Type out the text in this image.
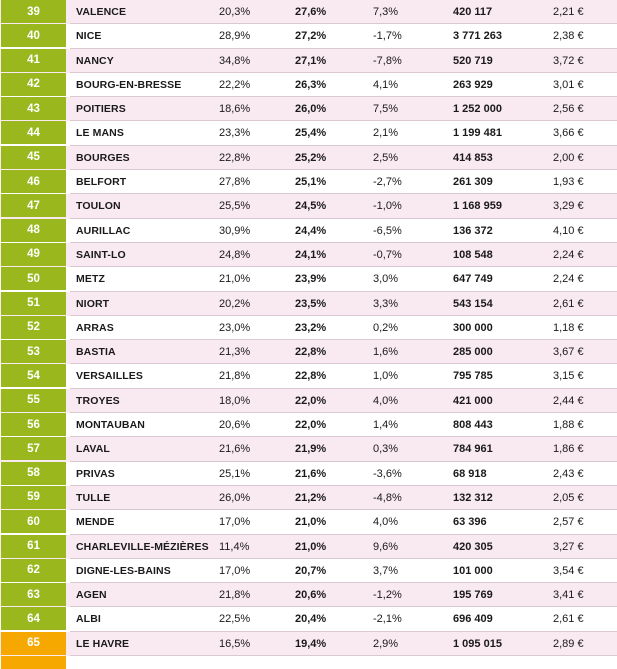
39	VALENCE	20,3%	27,6%	7,3%	420 117	2,21 €
40	NICE	28,9%	27,2%	-1,7%	3 771 263	2,38 €
41	NANCY	34,8%	27,1%	-7,8%	520 719	3,72 €
42	BOURG-EN-BRESSE	22,2%	26,3%	4,1%	263 929	3,01 €
43	POITIERS	18,6%	26,0%	7,5%	1 252 000	2,56 €
44	LE MANS	23,3%	25,4%	2,1%	1 199 481	3,66 €
45	BOURGES	22,8%	25,2%	2,5%	414 853	2,00 €
46	BELFORT	27,8%	25,1%	-2,7%	261 309	1,93 €
47	TOULON	25,5%	24,5%	-1,0%	1 168 959	3,29 €
48	AURILLAC	30,9%	24,4%	-6,5%	136 372	4,10 €
49	SAINT-LO	24,8%	24,1%	-0,7%	108 548	2,24 €
50	METZ	21,0%	23,9%	3,0%	647 749	2,24 €
51	NIORT	20,2%	23,5%	3,3%	543 154	2,61 €
52	ARRAS	23,0%	23,2%	0,2%	300 000	1,18 €
53	BASTIA	21,3%	22,8%	1,6%	285 000	3,67 €
54	VERSAILLES	21,8%	22,8%	1,0%	795 785	3,15 €
55	TROYES	18,0%	22,0%	4,0%	421 000	2,44 €
56	MONTAUBAN	20,6%	22,0%	1,4%	808 443	1,88 €
57	LAVAL	21,6%	21,9%	0,3%	784 961	1,86 €
58	PRIVAS	25,1%	21,6%	-3,6%	68 918	2,43 €
59	TULLE	26,0%	21,2%	-4,8%	132 312	2,05 €
60	MENDE	17,0%	21,0%	4,0%	63 396	2,57 €
61	CHARLEVILLE-MÉZIÈRES 11,4%	21,0%	9,6%	420 305	3,27 €
62	DIGNE-LES-BAINS	17,0%	20,7%	3,7%	101 000	3,54 €
63	AGEN	21,8%	20,6%	-1,2%	195 769	3,41 €
64	ALBI	22,5%	20,4%	-2,1%	696 409	2,61 €
65	LE HAVRE	16,5%	19,4%	2,9%	1 095 015	2,89 €
